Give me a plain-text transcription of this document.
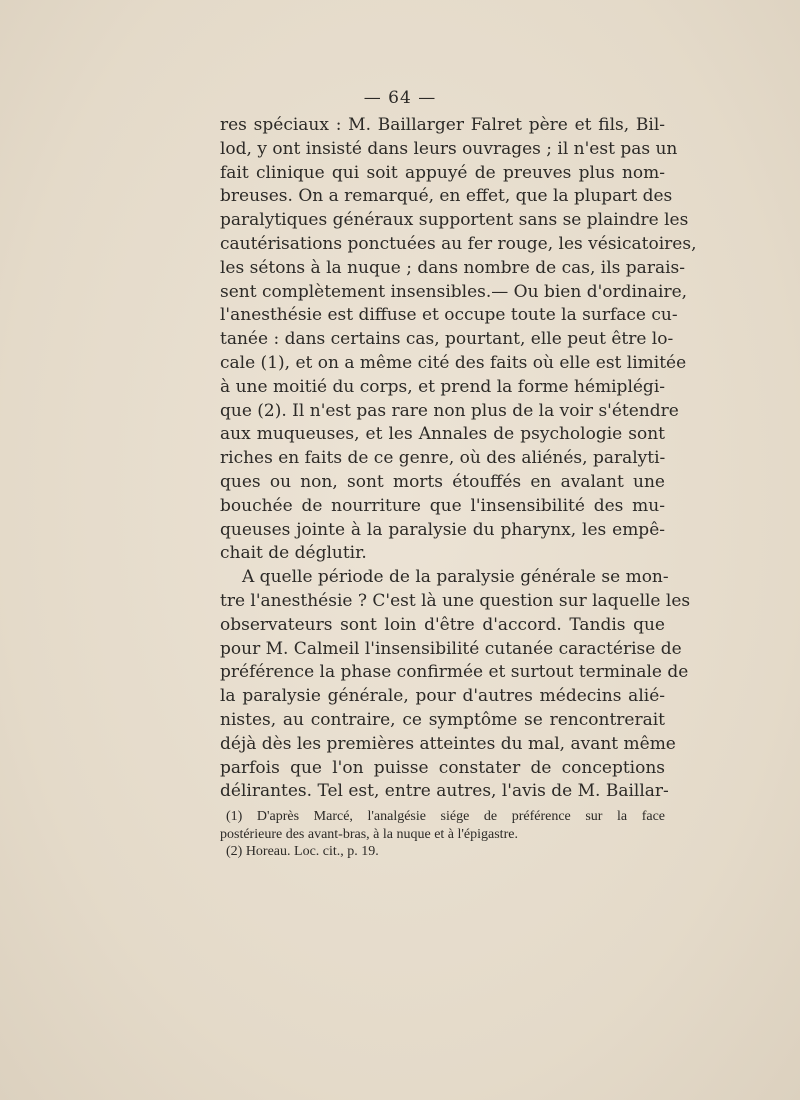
— 64 —
res spéciaux : M. Baillarger Falret père et fils, Bil-
lod, y ont insisté dans leurs ouvrages ; il n'est pas un
fait clinique qui soit appuyé de preuves plus nom-
breuses. On a remarqué, en effet, que la plupart des
paralytiques généraux supportent sans se plaindre les
cautérisations ponctuées au fer rouge, les vésicatoires,
les sétons à la nuque ; dans nombre de cas, ils parais-
sent complètement insensibles.— Ou bien d'ordinaire,
l'anesthésie est diffuse et occupe toute la surface cu-
tanée : dans certains cas, pourtant, elle peut être lo-
cale (1), et on a même cité des faits où elle est limitée
à une moitié du corps, et prend la forme hémiplégi-
que (2). Il n'est pas rare non plus de la voir s'étendre
aux muqueuses, et les Annales de psychologie sont
riches en faits de ce genre, où des aliénés, paralyti-
ques ou non, sont morts étouffés en avalant une
bouchée de nourriture que l'insensibilité des mu-
queuses jointe à la paralysie du pharynx, les empê-
chait de déglutir.
A quelle période de la paralysie générale se mon-
tre l'anesthésie ? C'est là une question sur laquelle les
observateurs sont loin d'être d'accord. Tandis que
pour M. Calmeil l'insensibilité cutanée caractérise de
préférence la phase confirmée et surtout terminale de
la paralysie générale, pour d'autres médecins alié-
nistes, au contraire, ce symptôme se rencontrerait
déjà dès les premières atteintes du mal, avant même
parfois que l'on puisse constater de conceptions
délirantes. Tel est, entre autres, l'avis de M. Baillar-
(1) D'après Marcé, l'analgésie siége de préférence sur la face
postérieure des avant-bras, à la nuque et à l'épigastre.
(2) Horeau. Loc. cit., p. 19.
